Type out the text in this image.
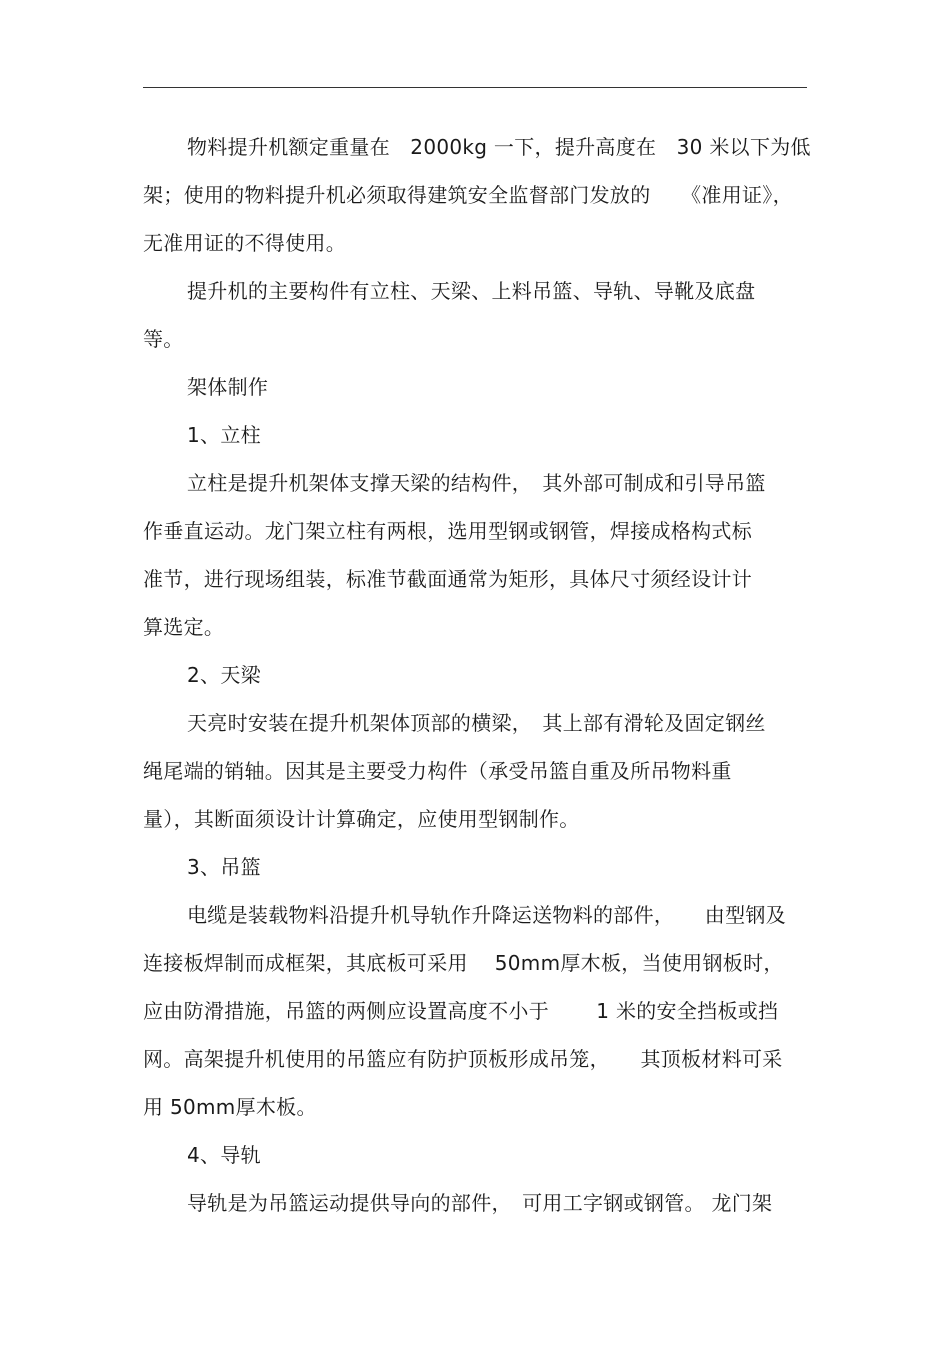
物料提升机额定重量在　2000kg 一下，提升高度在　30 米以下为低
架；使用的物料提升机必须取得建筑安全监督部门发放的　　《准用证》，
无准用证的不得使用。
提升机的主要构件有立柱、天梁、上料吊篮、导轨、导靴及底盘
等。
架体制作
1、立柱
立柱是提升机架体支撑天梁的结构件，　其外部可制成和引导吊篮
作垂直运动。龙门架立柱有两根，选用型钢或钢管，焊接成格构式标
准节，进行现场组装，标准节截面通常为矩形，具体尺寸须经设计计
算选定。
2、天梁
天亮时安装在提升机架体顶部的横梁，　其上部有滑轮及固定钢丝
绳尾端的销轴。因其是主要受力构件（承受吊篮自重及所吊物料重
量），其断面须设计计算确定，应使用型钢制作。
3、吊篮
电缆是装载物料沿提升机导轨作升降运送物料的部件，　　由型钢及
连接板焊制而成框架，其底板可采用　 50mm厚木板，当使用钢板时，
应由防滑措施，吊篮的两侧应设置高度不小于　　 1 米的安全挡板或挡
网。高架提升机使用的吊篮应有防护顶板形成吊笼，　　其顶板材料可采
用 50mm厚木板。
4、导轨
导轨是为吊篮运动提供导向的部件，　可用工字钢或钢管。 龙门架
